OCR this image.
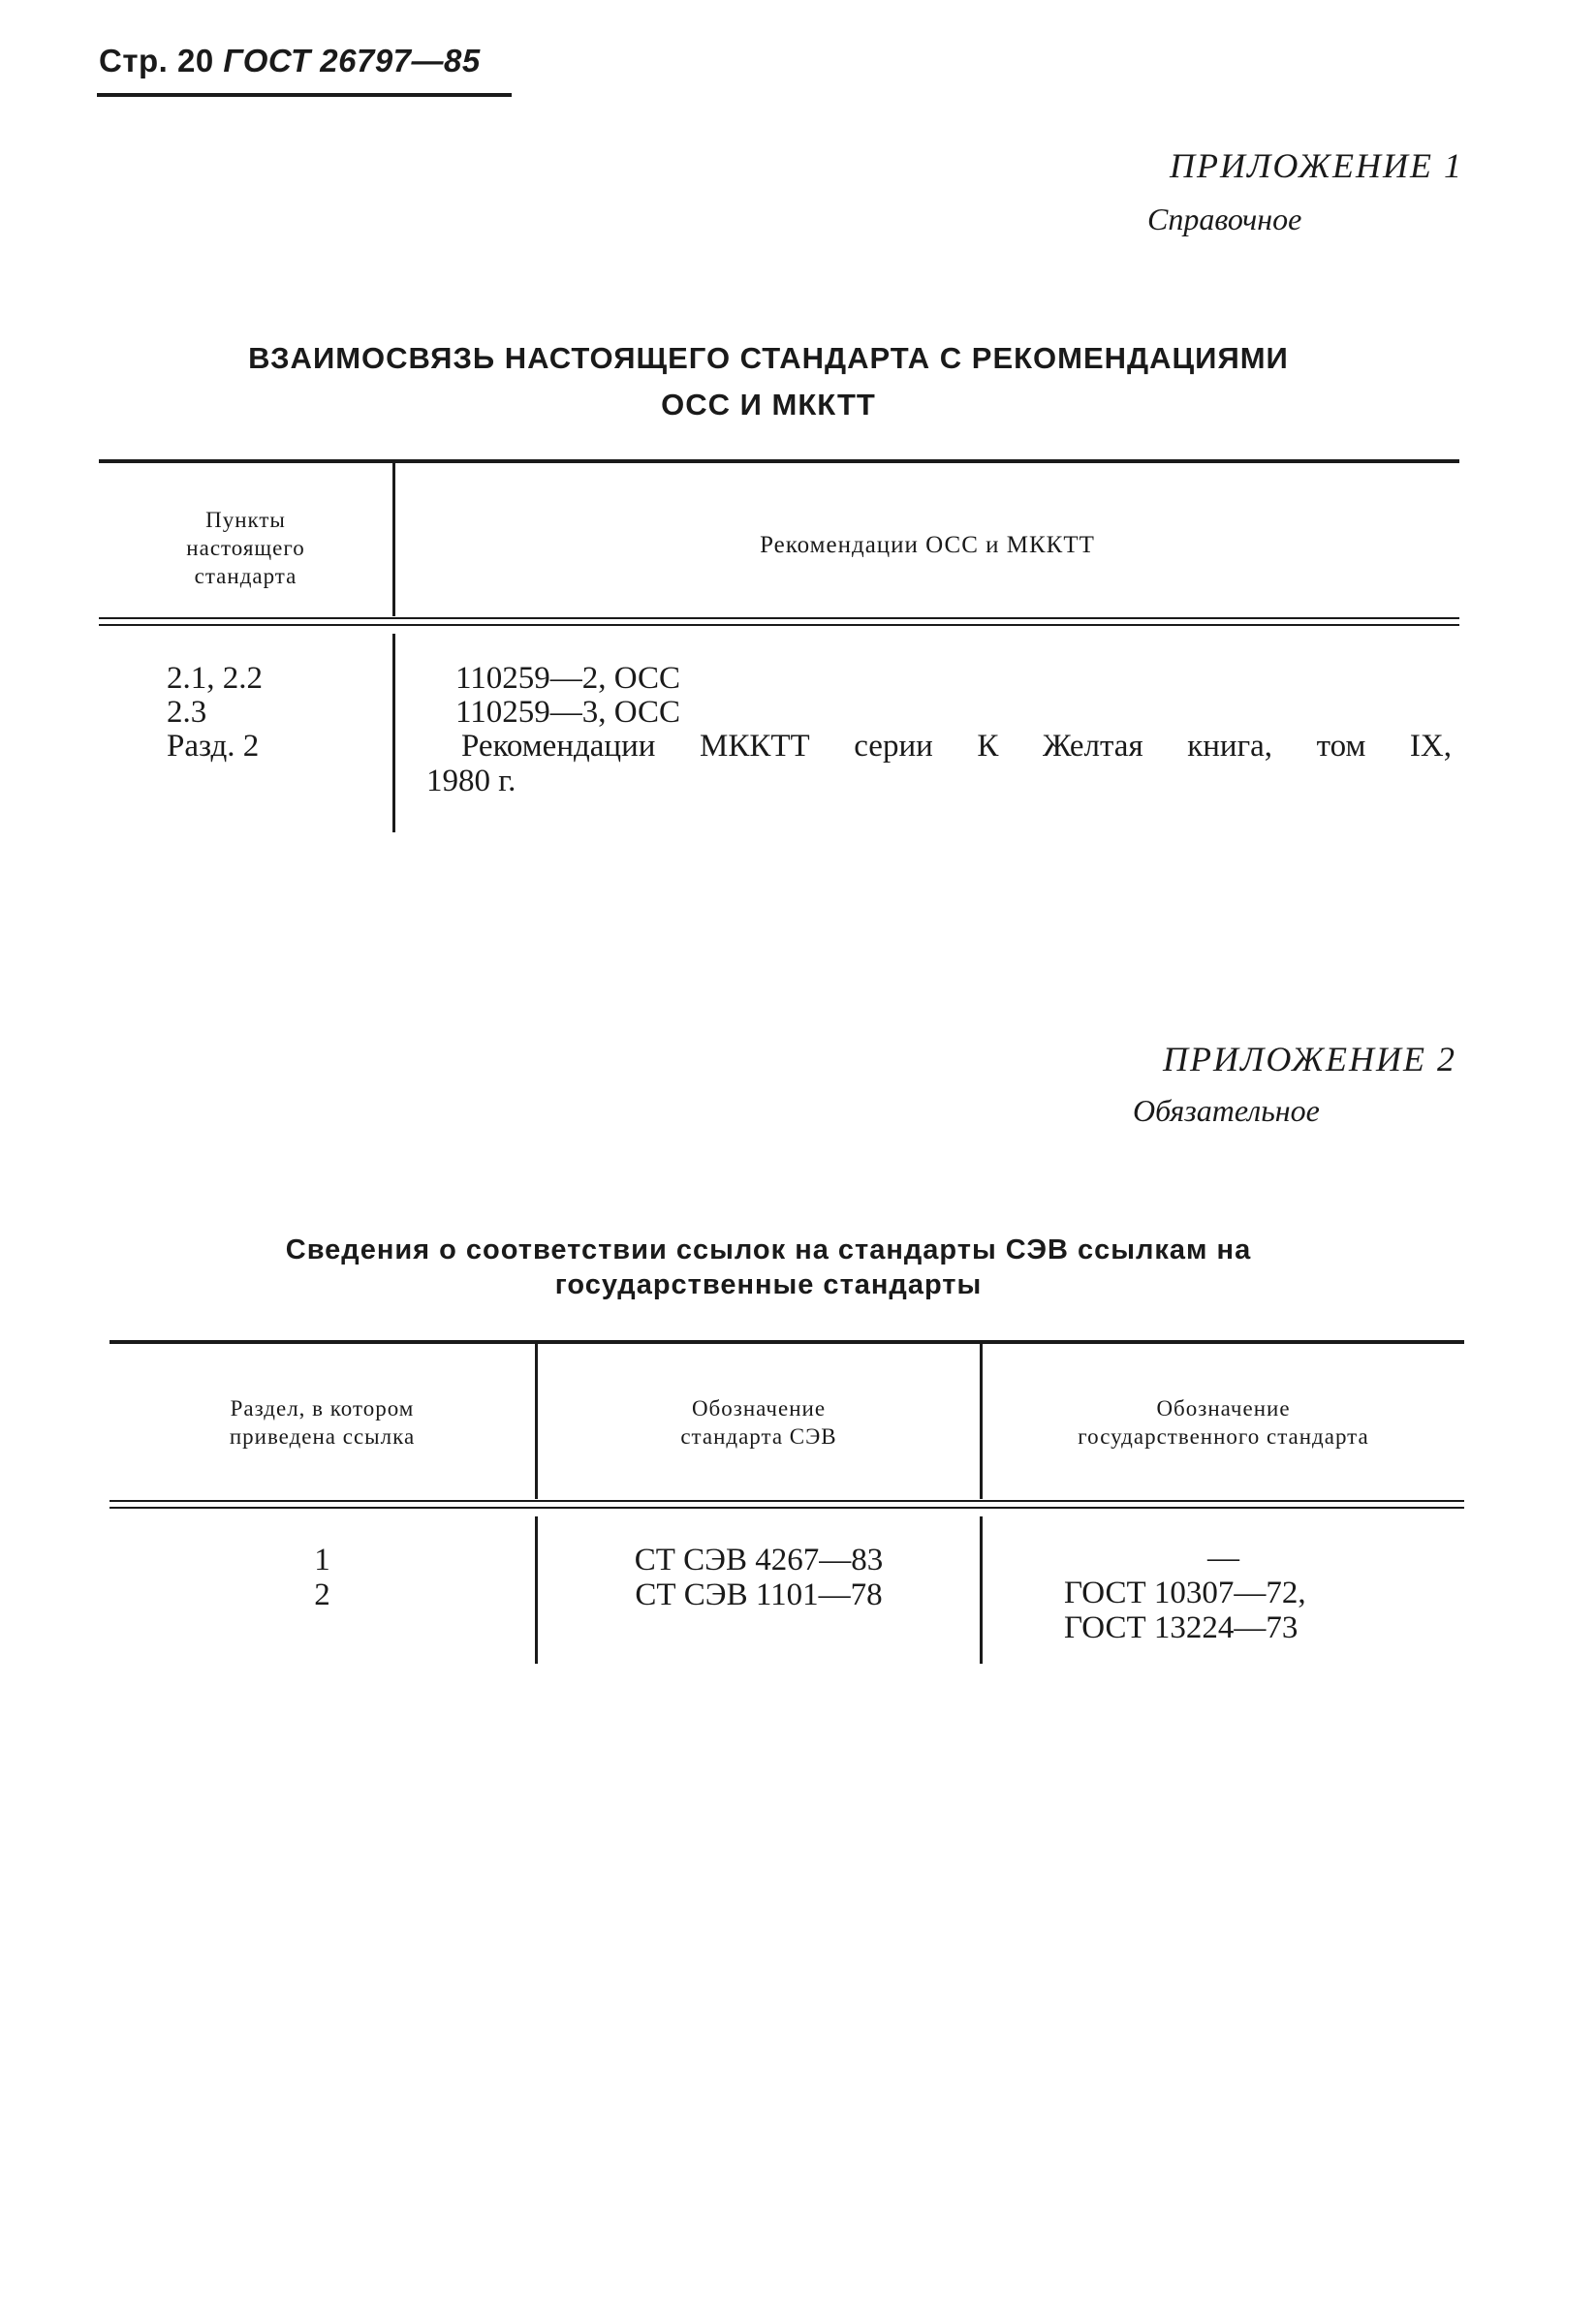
Стр. 20 ГОСТ 26797—85
ПРИЛОЖЕНИЕ 1
Справочное
ВЗАИМОСВЯЗЬ НАСТОЯЩЕГО СТАНДАРТА С РЕКОМЕНДАЦИЯМИ
ОСС И МККТТ
Пункты
настоящего
стандарта
Рекомендации ОСС и МККТТ
2.1, 2.2
2.3
Разд. 2
110259—2, ОСС
110259—3, ОСС
Рекомендации МККТТ серии К Желтая книга, том IX,
1980 г.
ПРИЛОЖЕНИЕ 2
Обязательное
Сведения о соответствии ссылок на стандарты СЭВ ссылкам на
государственные стандарты
Раздел, в котором
приведена ссылка
Обозначение
стандарта СЭВ
Обозначение
государственного стандарта
1
2
СТ СЭВ 4267—83
СТ СЭВ 1101—78
—
ГОСТ 10307—72,
ГОСТ 13224—73
